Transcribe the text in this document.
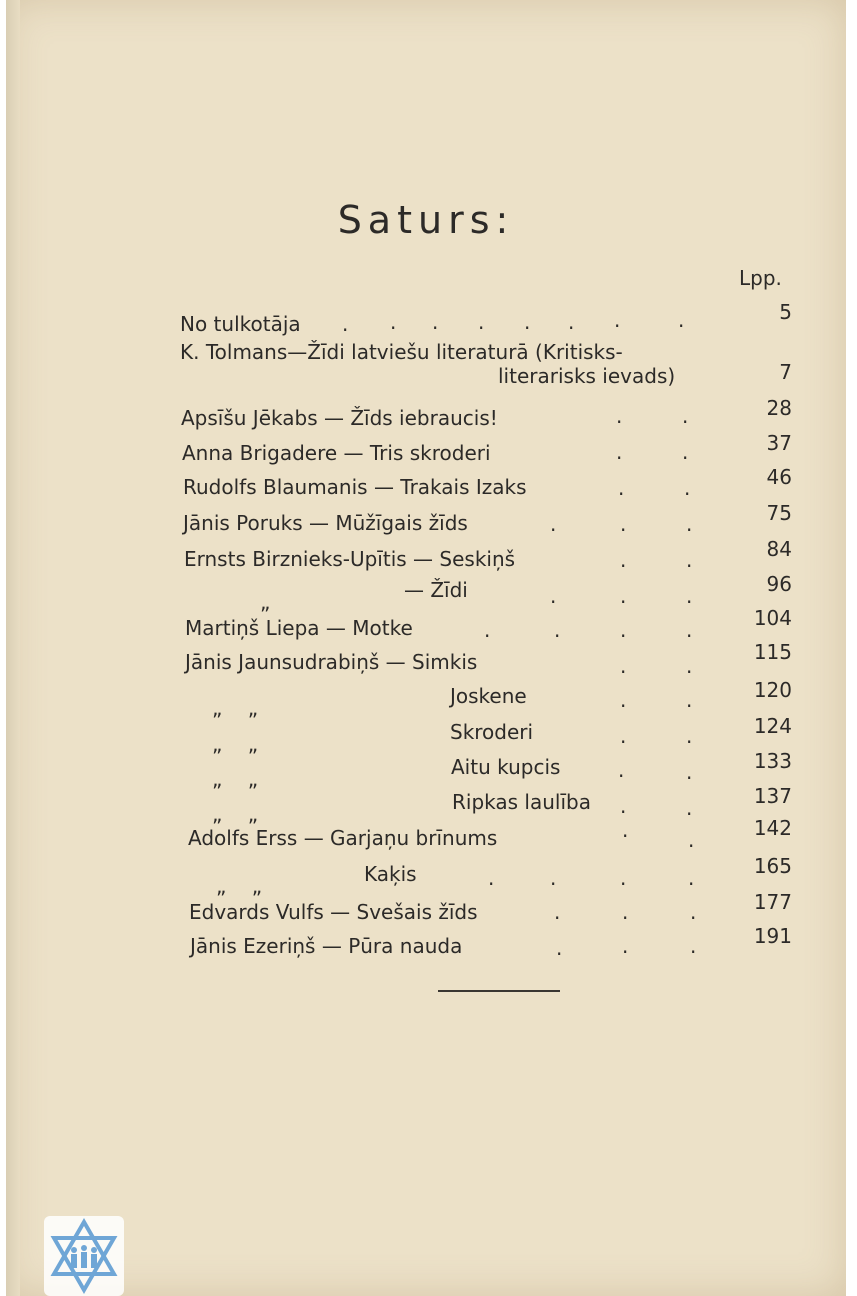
Saturs:
Lpp.
No tulkotāja	5
K. Tolmans—Žīdi latviešu literaturā (Kritisks-
literarisks ievads)	7
Apsīšu Jēkabs — Žīds iebraucis!	28
Anna Brigadere — Tris skroderi	37
Rudolfs Blaumanis — Trakais Izaks	46
Jānis Poruks — Mūžīgais žīds	75
Ernsts Birznieks-Upītis — Seskiņš	84
„	— Žīdi	96
Martiņš Liepa — Motke	104
Jānis Jaunsudrabiņš — Simkis	115
„    „	Joskene	120
„    „	Skroderi	124
„    „	Aitu kupcis	133
„    „	Ripkas laulība	137
Adolfs Erss — Garjaņu brīnums	142
„    „	Kaķis	165
Edvards Vulfs — Svešais žīds	177
Jānis Ezeriņš — Pūra nauda	191
. . . . . . .	.
.	.
.	.
.	.
.	.	.
.	.
.	.	.
.	.	.	.
.	.
.	.
.	.
.	.
.	.
.	.
.	.	.	.
.	.	.
.	.	.
